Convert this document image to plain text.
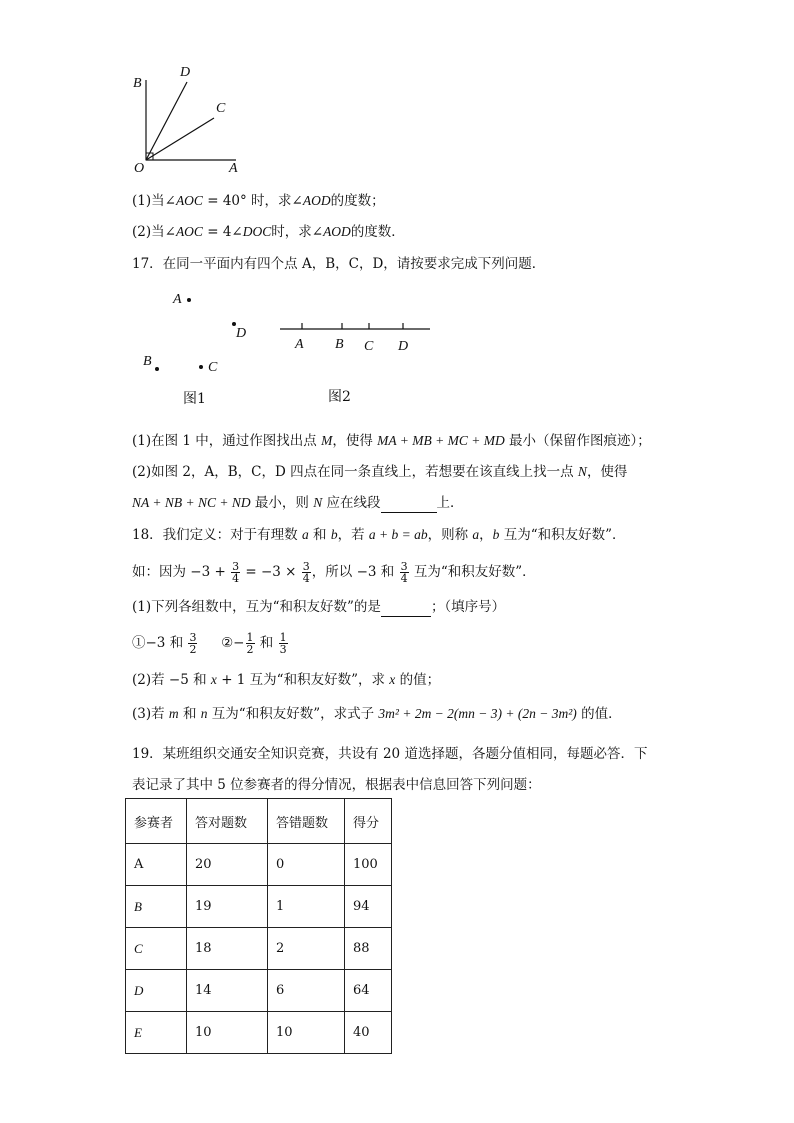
B
D
C
O	A
(1)当∠AOC = 40° 时，求∠AOD的度数；
(2)当∠AOC = 4∠DOC时，求∠AOD的度数．
17．在同一平面内有四个点 A，B，C，D，请按要求完成下列问题．
A
D
B	C
图1
A B C D
图2
(1)在图 1 中，通过作图找出点 M，使得 MA + MB + MC + MD 最小（保留作图痕迹）；
(2)如图 2，A，B，C，D 四点在同一条直线上，若想要在该直线上找一点 N，使得
NA + NB + NC + ND 最小，则 N 应在线段	上．
18．我们定义：对于有理数 a 和 b，若 a + b = ab，则称 a，b 互为“和积友好数”．
如：因为 $-3 + \frac{3}{4} = -3 \times \frac{3}{4}$ ，所以 −3 和 $\frac{3}{4}$ 互为“和积友好数”．
(1)下列各组数中，互为“和积友好数”的是	；（填序号）
①−3 和 $\frac{3}{2}$ ②− $\frac{1}{2}$ 和 $\frac{1}{3}$
(2)若 −5 和 x + 1 互为“和积友好数”，求 x 的值；
(3)若 m 和 n 互为“和积友好数”，求式子 3m² + 2m − 2(mn − 3) + (2n − 3m²) 的值．
19．某班组织交通安全知识竞赛，共设有 20 道选择题，各题分值相同，每题必答．下
表记录了其中 5 位参赛者的得分情况，根据表中信息回答下列问题：
参赛者	答对题数	答错题数	得分
A	20	0	100
B	19	1	94
C	18	2	88
D	14	6	64
E	10	10	40
